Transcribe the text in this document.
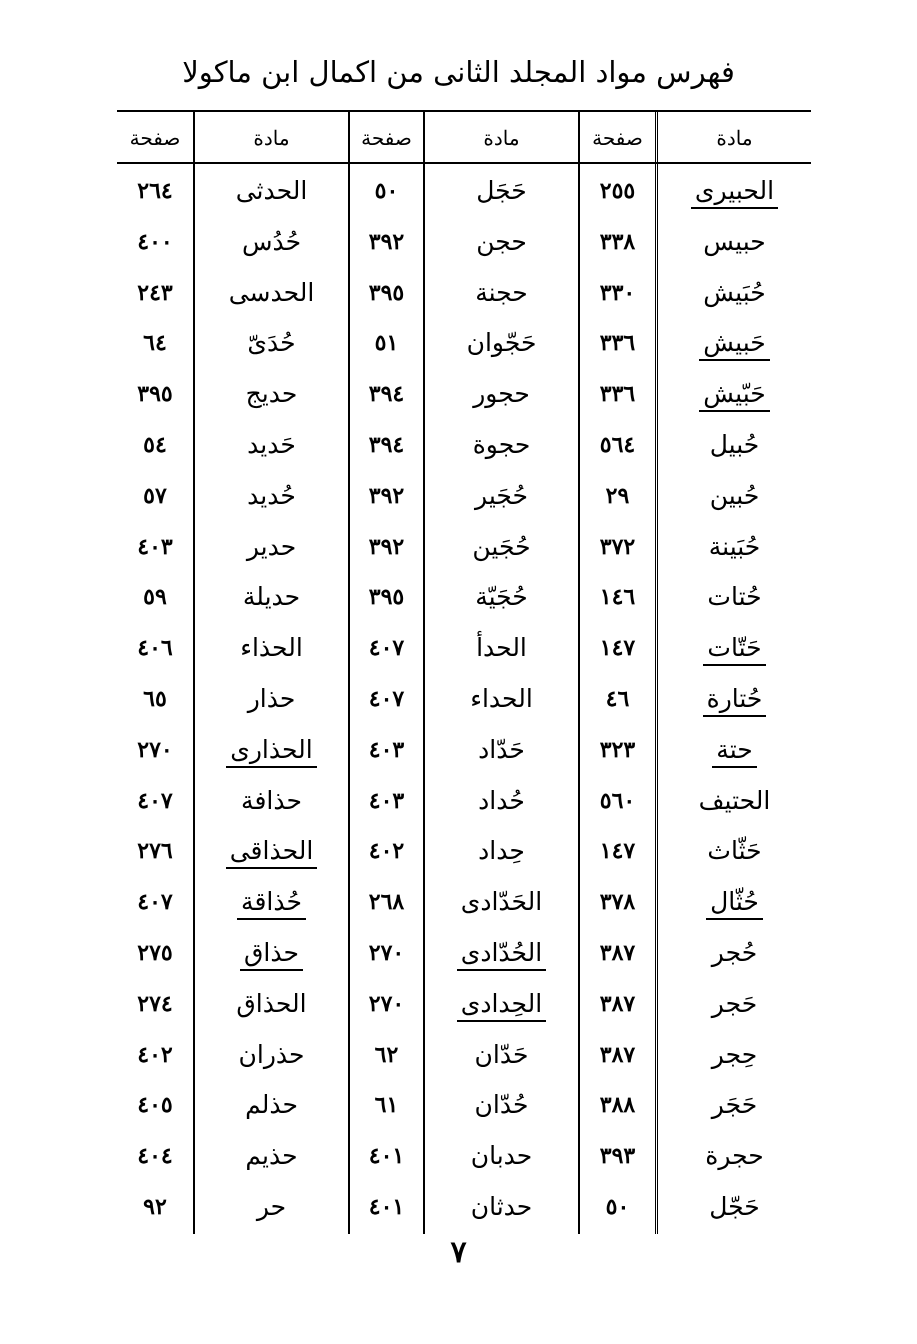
فهرس مواد المجلد الثانى من اكمال ابن ماكولا
مادة
صفحة
مادة
صفحة
مادة
صفحة
الحبيرى
٢٥٥
حبيس
٣٣٨
حُبَيش
٣٣٠
حَبيش
٣٣٦
حَبّيش
٣٣٦
حُبيل
٥٦٤
حُبين
٢٩
حُبَينة
٣٧٢
حُتات
١٤٦
حَتّات
١٤٧
حُتارة
٤٦
حتة
٣٢٣
الحتيف
٥٦٠
حَثّاث
١٤٧
حُثّال
٣٧٨
حُجر
٣٨٧
حَجر
٣٨٧
حِجر
٣٨٧
حَجَر
٣٨٨
حجرة
٣٩٣
حَجّل
٥٠
حَجَل
٥٠
حجن
٣٩٢
حجنة
٣٩٥
حَجّوان
٥١
حجور
٣٩٤
حجوة
٣٩٤
حُجَير
٣٩٢
حُجَين
٣٩٢
حُجَيّة
٣٩٥
الحدأ
٤٠٧
الحداء
٤٠٧
حَدّاد
٤٠٣
حُداد
٤٠٣
حِداد
٤٠٢
الحَدّادى
٢٦٨
الحُدّادى
٢٧٠
الحِدادى
٢٧٠
حَدّان
٦٢
حُدّان
٦١
حدبان
٤٠١
حدثان
٤٠١
الحدثى
٢٦٤
حُدُس
٤٠٠
الحدسى
٢٤٣
حُدَىّ
٦٤
حديج
٣٩٥
حَديد
٥٤
حُديد
٥٧
حدير
٤٠٣
حديلة
٥٩
الحذاء
٤٠٦
حذار
٦٥
الحذارى
٢٧٠
حذافة
٤٠٧
الحذاقى
٢٧٦
حُذاقة
٤٠٧
حذاق
٢٧٥
الحذاق
٢٧٤
حذران
٤٠٢
حذلم
٤٠٥
حذيم
٤٠٤
حر
٩٢
٧
